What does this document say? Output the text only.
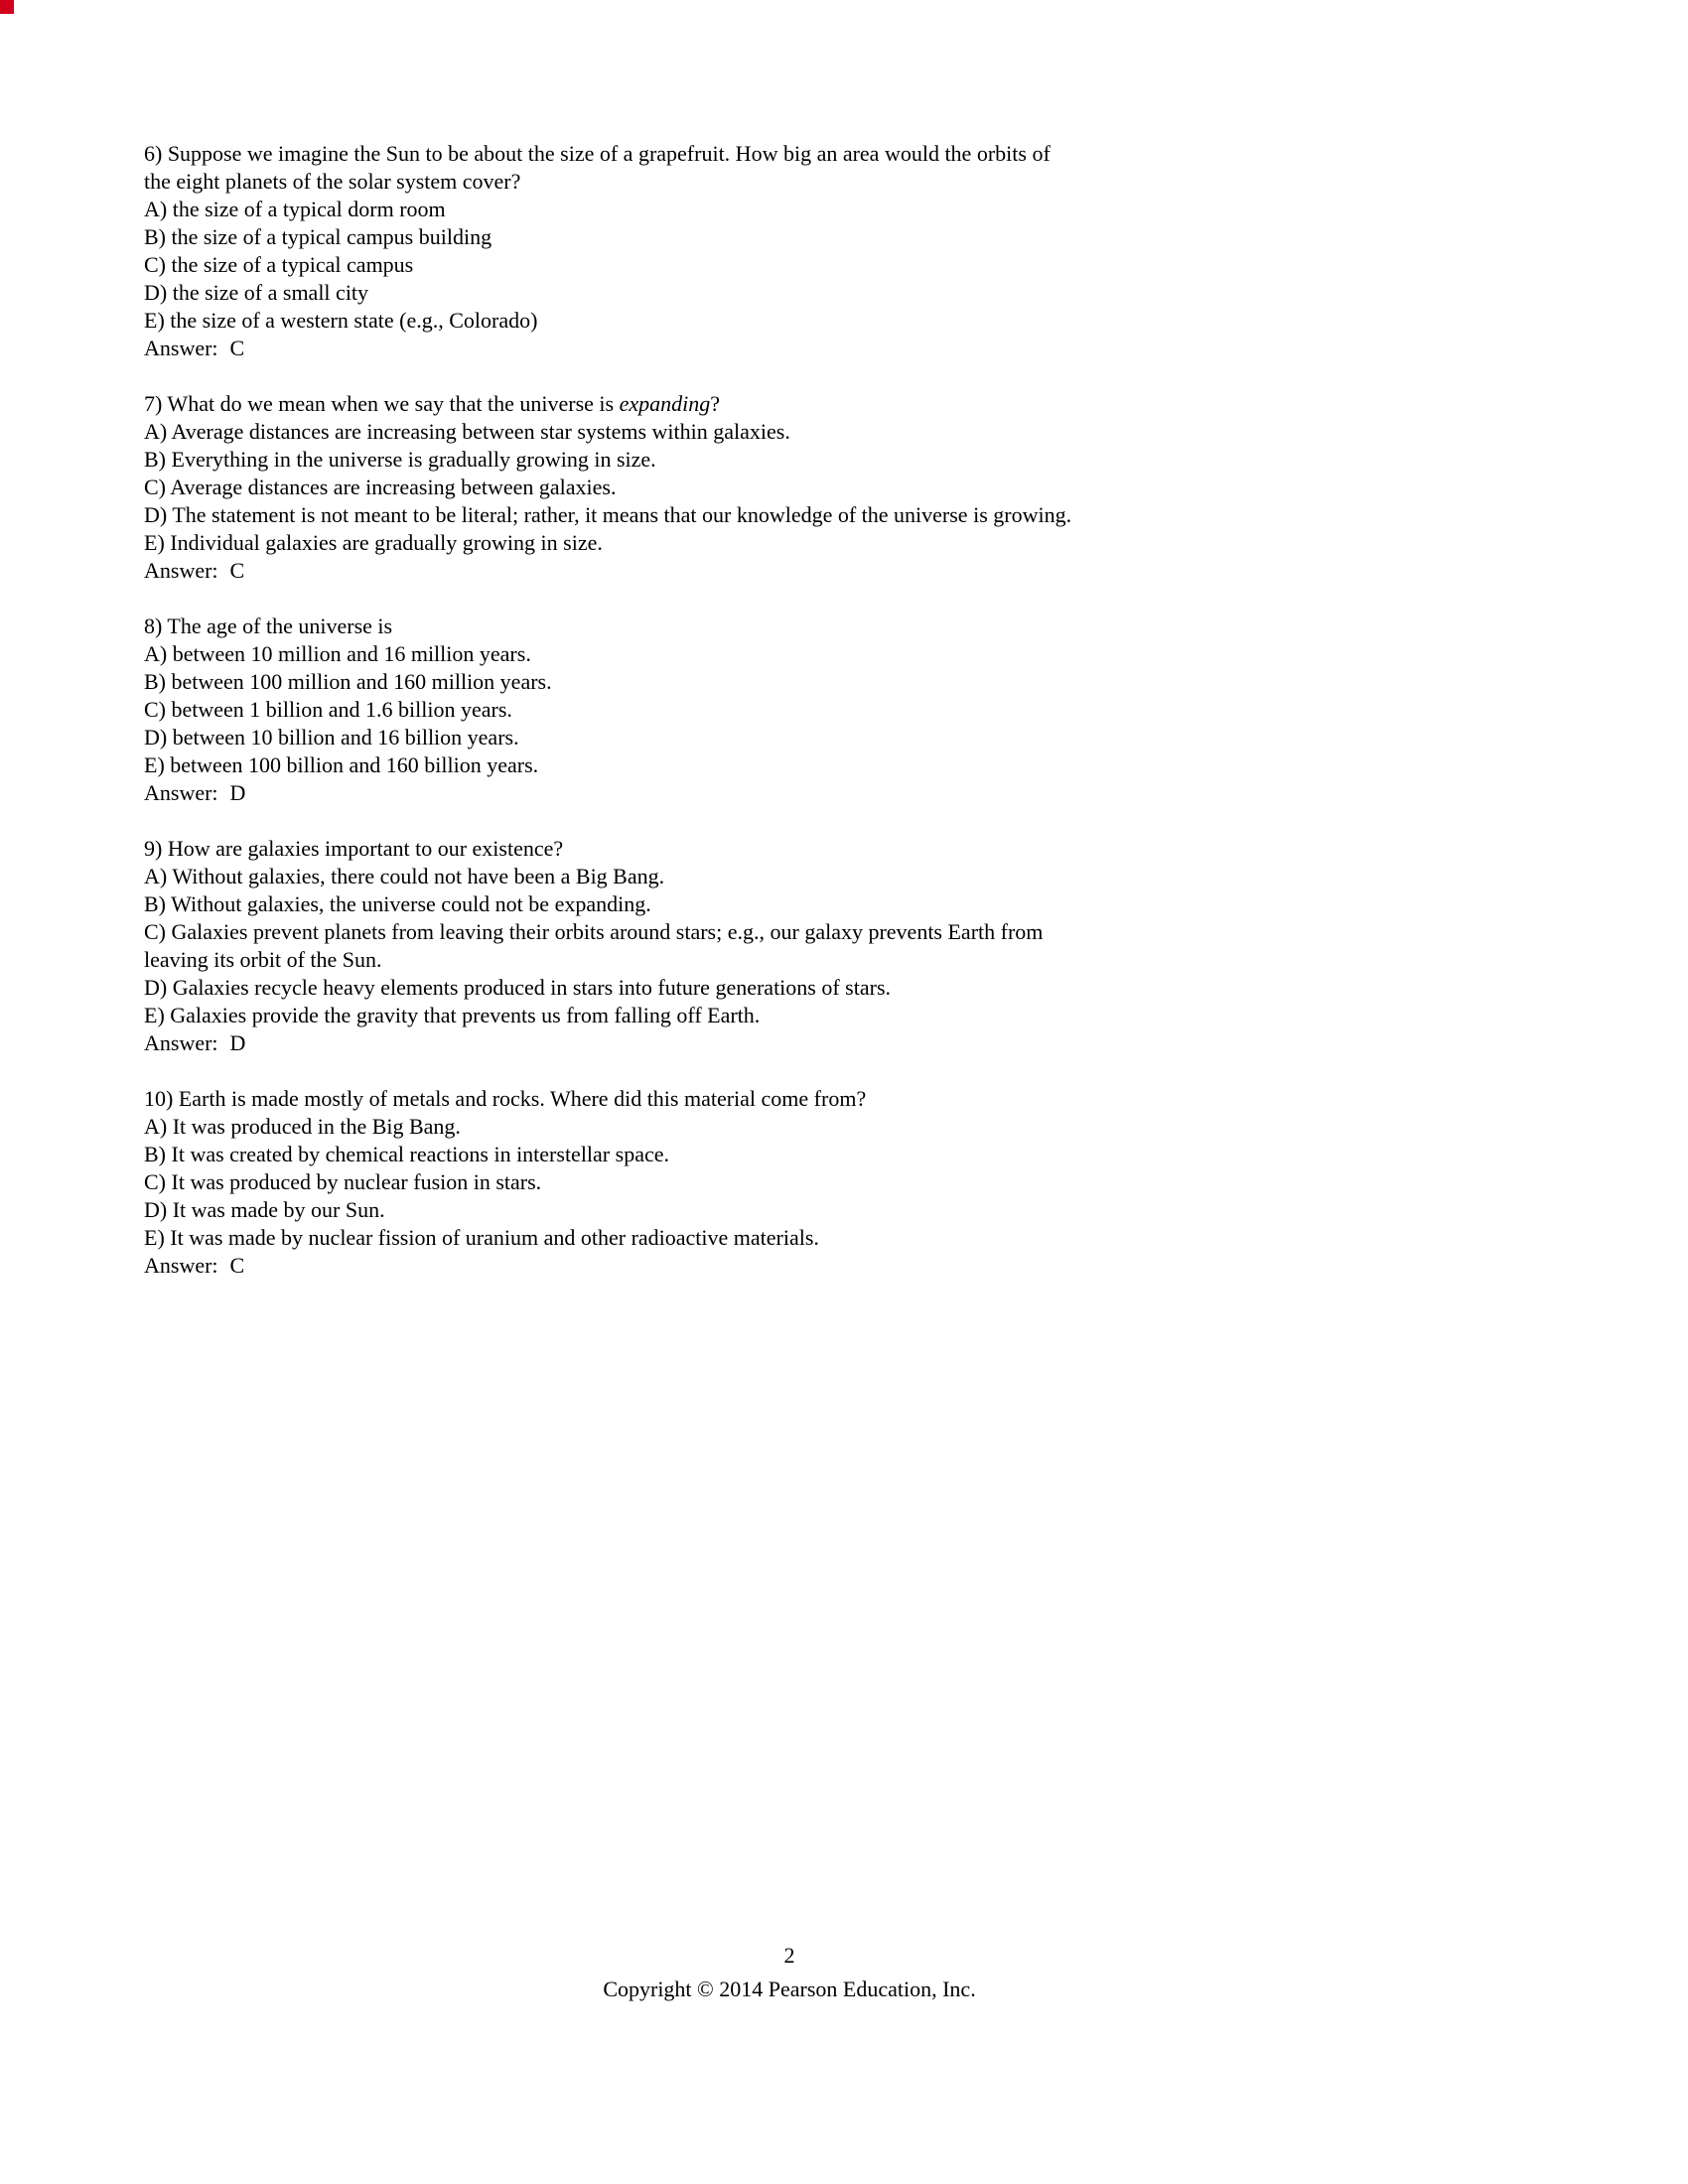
6) Suppose we imagine the Sun to be about the size of a grapefruit. How big an area would the orbits of the eight planets of the solar system cover?
A) the size of a typical dorm room
B) the size of a typical campus building
C) the size of a typical campus
D) the size of a small city
E) the size of a western state (e.g., Colorado)
Answer: C
7) What do we mean when we say that the universe is expanding?
A) Average distances are increasing between star systems within galaxies.
B) Everything in the universe is gradually growing in size.
C) Average distances are increasing between galaxies.
D) The statement is not meant to be literal; rather, it means that our knowledge of the universe is growing.
E) Individual galaxies are gradually growing in size.
Answer: C
8) The age of the universe is
A) between 10 million and 16 million years.
B) between 100 million and 160 million years.
C) between 1 billion and 1.6 billion years.
D) between 10 billion and 16 billion years.
E) between 100 billion and 160 billion years.
Answer: D
9) How are galaxies important to our existence?
A) Without galaxies, there could not have been a Big Bang.
B) Without galaxies, the universe could not be expanding.
C) Galaxies prevent planets from leaving their orbits around stars; e.g., our galaxy prevents Earth from leaving its orbit of the Sun.
D) Galaxies recycle heavy elements produced in stars into future generations of stars.
E) Galaxies provide the gravity that prevents us from falling off Earth.
Answer: D
10) Earth is made mostly of metals and rocks. Where did this material come from?
A) It was produced in the Big Bang.
B) It was created by chemical reactions in interstellar space.
C) It was produced by nuclear fusion in stars.
D) It was made by our Sun.
E) It was made by nuclear fission of uranium and other radioactive materials.
Answer: C
2
Copyright © 2014 Pearson Education, Inc.
